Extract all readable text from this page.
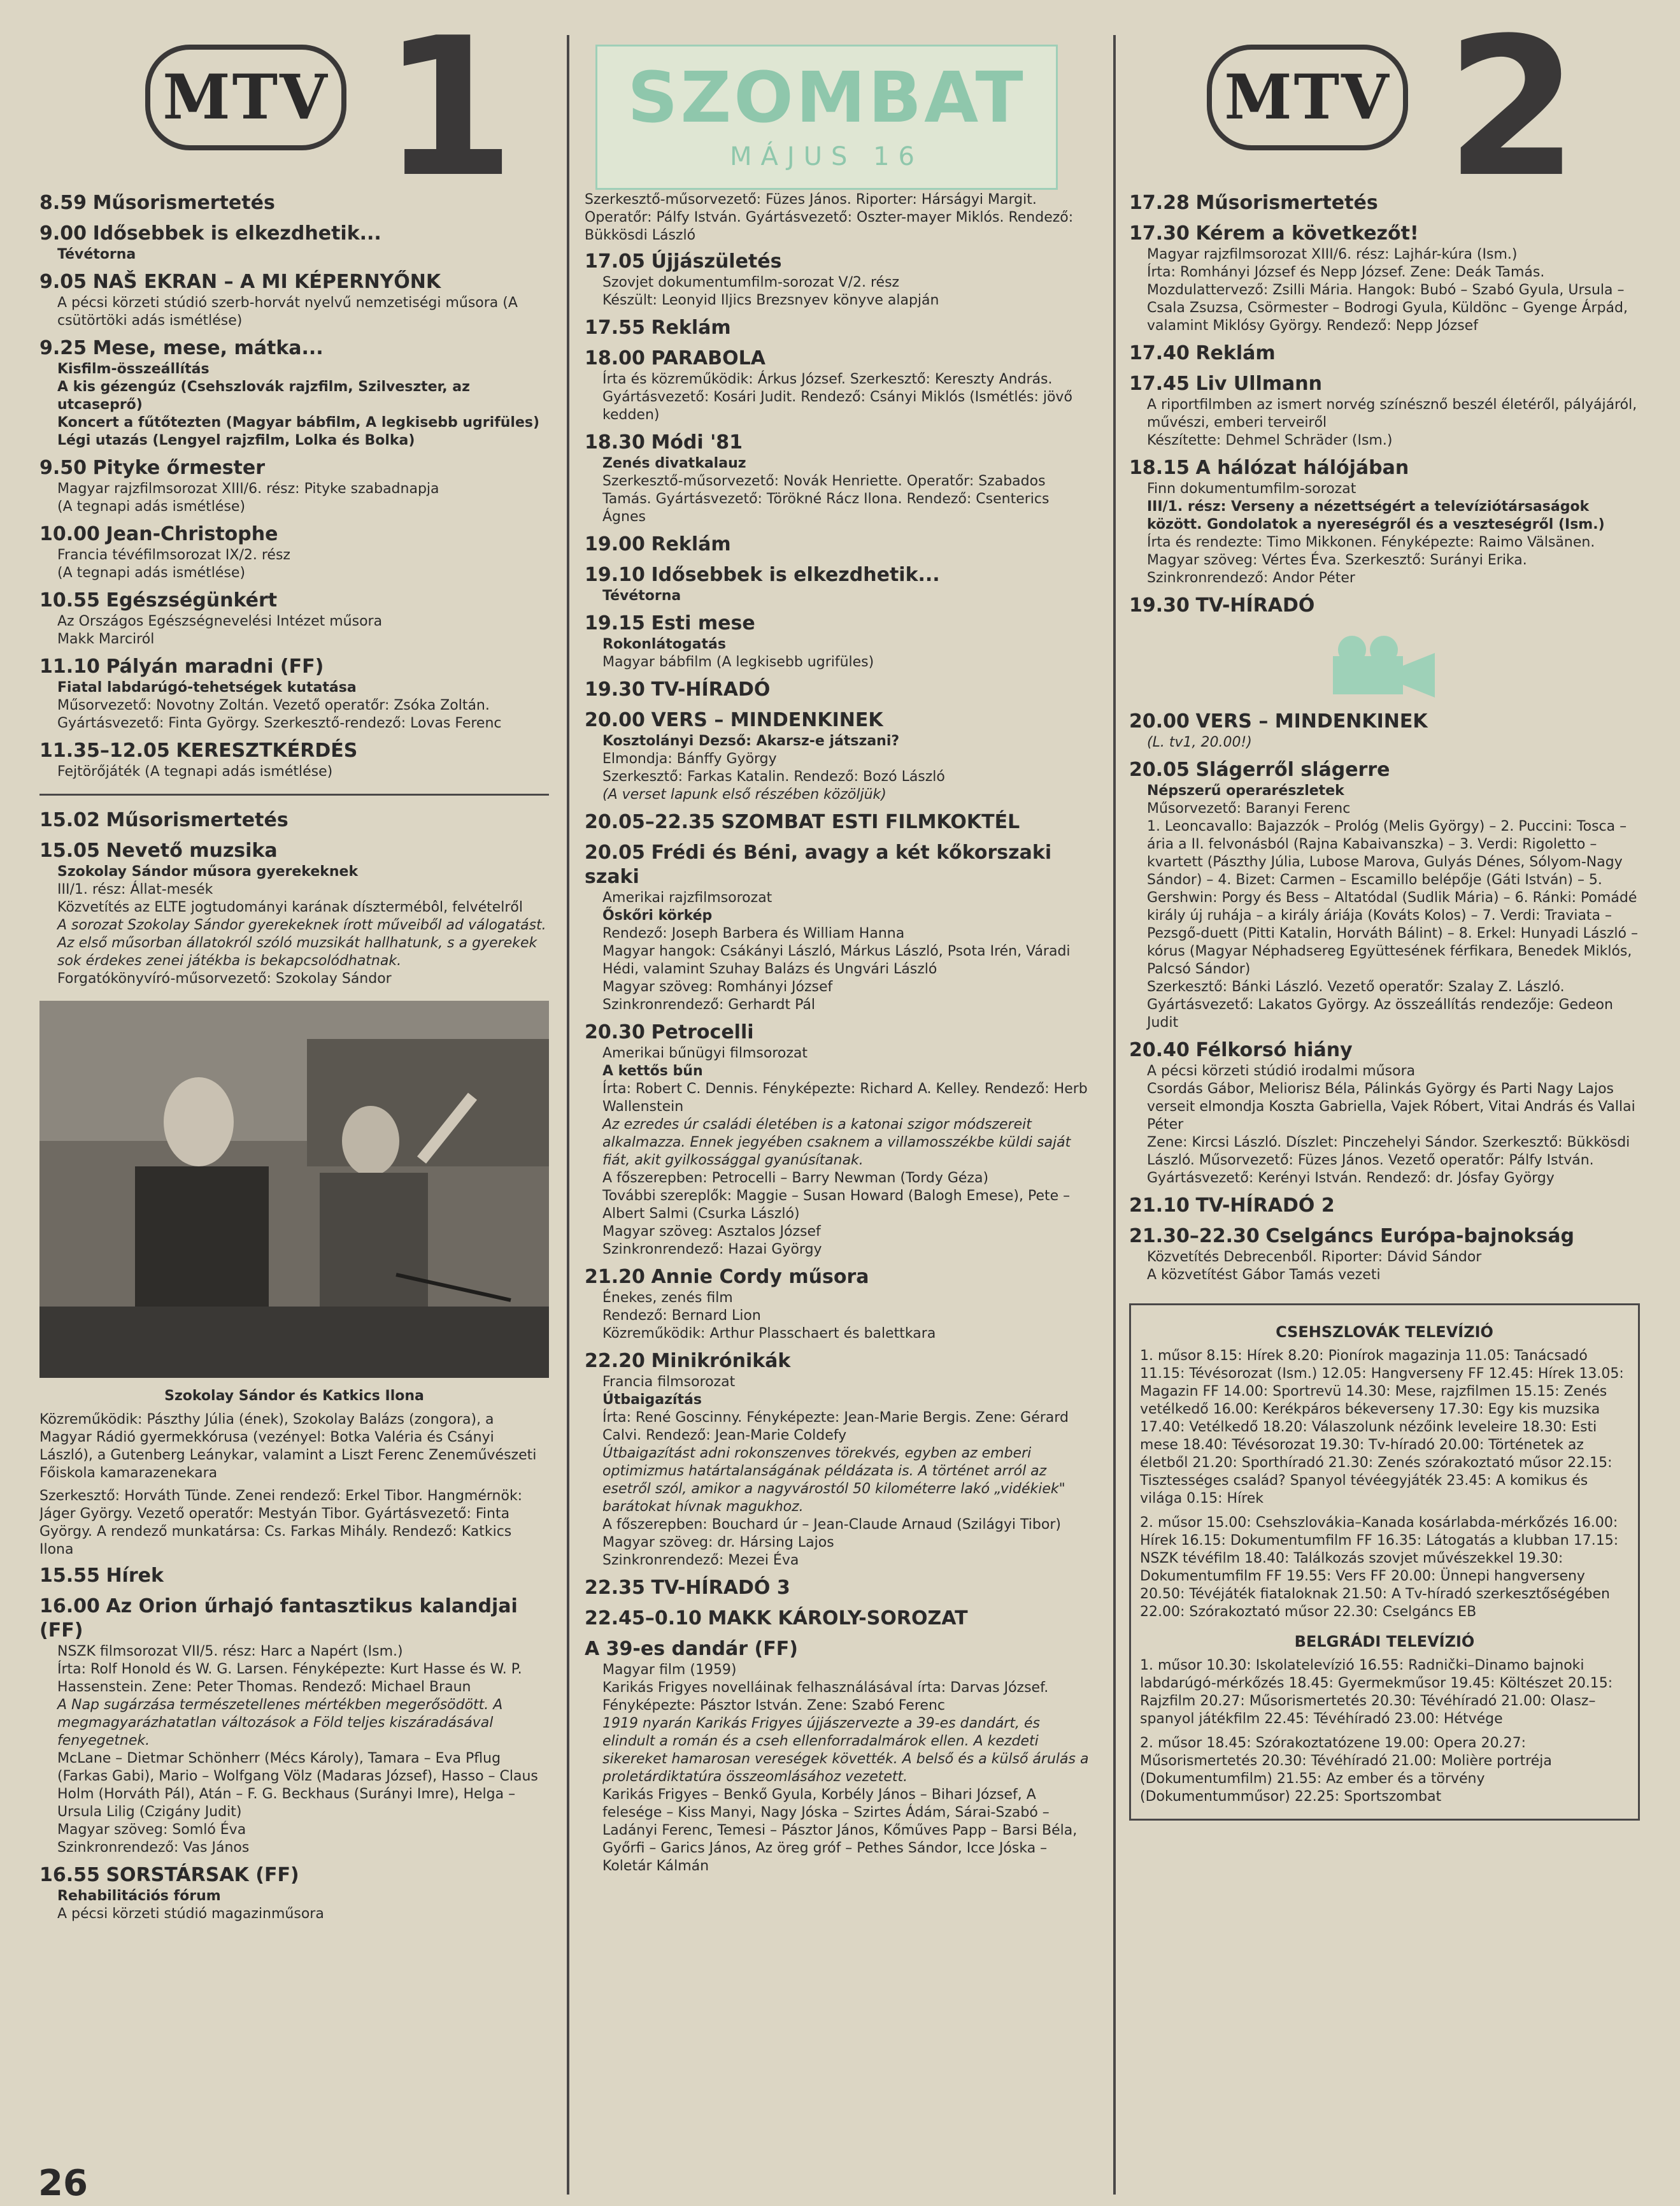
MTV 1	SZOMBAT
MÁJUS 16
MTV 2
8.59 Műsorismertetés
9.00 Idősebbek is elkezdhetik...
Tévétorna
9.05 NAŠ EKRAN – A MI KÉPERNYŐNK
A pécsi körzeti stúdió szerb-horvát nyelvű nemzetiségi műsora (A csütörtöki adás ismétlése)
9.25 Mese, mese, mátka...
Kisfilm-összeállítás
A kis gézengúz (Csehszlovák rajzfilm, Szilveszter, az utcaseprő)
Koncert a fűtőtezten (Magyar bábfilm, A legkisebb ugrifüles)
Légi utazás (Lengyel rajzfilm, Lolka és Bolka)
9.50 Pityke őrmester
Magyar rajzfilmsorozat XIII/6. rész: Pityke szabadnapja
(A tegnapi adás ismétlése)
10.00 Jean-Christophe
Francia tévéfilmsorozat IX/2. rész
(A tegnapi adás ismétlése)
10.55 Egészségünkért
Az Országos Egészségnevelési Intézet műsora
Makk Marciról
11.10 Pályán maradni (FF)
Fiatal labdarúgó-tehetségek kutatása
Műsorvezető: Novotny Zoltán. Vezető operatőr: Zsóka Zoltán. Gyártásvezető: Finta György. Szerkesztő-rendező: Lovas Ferenc
11.35–12.05 KERESZTKÉRDÉS
Fejtörőjáték (A tegnapi adás ismétlése)
15.02 Műsorismertetés
15.05 Nevető muzsika
Szokolay Sándor műsora gyerekeknek
III/1. rész: Állat-mesék
Közvetítés az ELTE jogtudományi karának dísztermébôl, felvételről
A sorozat Szokolay Sándor gyerekeknek írott műveiből ad válogatást. Az első műsorban állatokról szóló muzsikát hallhatunk, s a gyerekek sok érdekes zenei játékba is bekapcsolódhatnak.
Forgatókönyvíró-műsorvezető: Szokolay Sándor
Szokolay Sándor és Katkics Ilona
Közreműködik: Pászthy Júlia (ének), Szokolay Balázs (zongora), a Magyar Rádió gyermekkórusa (vezényel: Botka Valéria és Csányi László), a Gutenberg Leánykar, valamint a Liszt Ferenc Zeneművészeti Főiskola kamarazenekara
Szerkesztő: Horváth Tünde. Zenei rendező: Erkel Tibor. Hangmérnök: Jáger György. Vezető operatőr: Mestyán Tibor. Gyártásvezető: Finta György. A rendező munkatársa: Cs. Farkas Mihály. Rendező: Katkics Ilona
15.55 Hírek
16.00 Az Orion űrhajó fantasztikus kalandjai (FF)
NSZK filmsorozat VII/5. rész: Harc a Napért (Ism.)
Írta: Rolf Honold és W. G. Larsen. Fényképezte: Kurt Hasse és W. P. Hassenstein. Zene: Peter Thomas. Rendező: Michael Braun
A Nap sugárzása természetellenes mértékben megerősödött. A megmagyarázhatatlan változások a Föld teljes kiszáradásával fenyegetnek.
McLane – Dietmar Schönherr (Mécs Károly), Tamara – Eva Pflug (Farkas Gabi), Mario – Wolfgang Völz (Madaras József), Hasso – Claus Holm (Horváth Pál), Atán – F. G. Beckhaus (Surányi Imre), Helga – Ursula Lilig (Czigány Judit)
Magyar szöveg: Somló Éva
Szinkronrendező: Vas János
16.55 SORSTÁRSAK (FF)
Rehabilitációs fórum
A pécsi körzeti stúdió magazinműsora
Szerkesztő-műsorvezető: Füzes János. Riporter: Hárságyi Margit. Operatőr: Pálfy István. Gyártásvezető: Oszter-mayer Miklós. Rendező: Bükkösdi László
17.05 Újjászületés
Szovjet dokumentumfilm-sorozat V/2. rész
Készült: Leonyid Iljics Brezsnyev könyve alapján
17.55 Reklám
18.00 PARABOLA
Írta és közreműködik: Árkus József. Szerkesztő: Kereszty András. Gyártásvezető: Kosári Judit. Rendező: Csányi Miklós (Ismétlés: jövő kedden)
18.30 Módi '81
Zenés divatkalauz
Szerkesztő-műsorvezető: Novák Henriette. Operatőr: Szabados Tamás. Gyártásvezető: Törökné Rácz Ilona. Rendező: Csenterics Ágnes
19.00 Reklám
19.10 Idősebbek is elkezdhetik...
Tévétorna
19.15 Esti mese
Rokonlátogatás
Magyar bábfilm (A legkisebb ugrifüles)
19.30 TV-HÍRADÓ
20.00 VERS – MINDENKINEK
Kosztolányi Dezső: Akarsz-e játszani?
Elmondja: Bánffy György
Szerkesztő: Farkas Katalin. Rendező: Bozó László
(A verset lapunk első részében közöljük)
20.05–22.35 SZOMBAT ESTI FILMKOKTÉL
20.05 Frédi és Béni, avagy a két kőkorszaki szaki
Amerikai rajzfilmsorozat
Őskőri körkép
Rendező: Joseph Barbera és William Hanna
Magyar hangok: Csákányi László, Márkus László, Psota Irén, Váradi Hédi, valamint Szuhay Balázs és Ungvári László
Magyar szöveg: Romhányi József
Szinkronrendező: Gerhardt Pál
20.30 Petrocelli
Amerikai bűnügyi filmsorozat
A kettős bűn
Írta: Robert C. Dennis. Fényképezte: Richard A. Kelley. Rendező: Herb Wallenstein
Az ezredes úr családi életében is a katonai szigor módszereit alkalmazza. Ennek jegyében csaknem a villamosszékbe küldi saját fiát, akit gyilkossággal gyanúsítanak.
A főszerepben: Petrocelli – Barry Newman (Tordy Géza)
További szereplők: Maggie – Susan Howard (Balogh Emese), Pete – Albert Salmi (Csurka László)
Magyar szöveg: Asztalos József
Szinkronrendező: Hazai György
21.20 Annie Cordy műsora
Énekes, zenés film
Rendező: Bernard Lion
Közreműködik: Arthur Plasschaert és balettkara
22.20 Minikrónikák
Francia filmsorozat
Útbaigazítás
Írta: René Goscinny. Fényképezte: Jean-Marie Bergis. Zene: Gérard Calvi. Rendező: Jean-Marie Coldefy
Útbaigazítást adni rokonszenves törekvés, egyben az emberi optimizmus határtalanságának példázata is. A történet arról az esetről szól, amikor a nagyvárostól 50 kilométerre lakó „vidékiek" barátokat hívnak magukhoz.
A főszerepben: Bouchard úr – Jean-Claude Arnaud (Szilágyi Tibor)
Magyar szöveg: dr. Hársing Lajos
Szinkronrendező: Mezei Éva
22.35 TV-HÍRADÓ 3
22.45–0.10 MAKK KÁROLY-SOROZAT
A 39-es dandár (FF)
Magyar film (1959)
Karikás Frigyes novelláinak felhasználásával írta: Darvas József. Fényképezte: Pásztor István. Zene: Szabó Ferenc
1919 nyarán Karikás Frigyes újjászervezte a 39-es dandárt, és elindult a román és a cseh ellenforradalmárok ellen. A kezdeti sikereket hamarosan vereségek követték. A belső és a külső árulás a proletárdiktatúra összeomlásához vezetett.
Karikás Frigyes – Benkő Gyula, Korbély János – Bihari József, A felesége – Kiss Manyi, Nagy Jóska – Szirtes Ádám, Sárai-Szabó – Ladányi Ferenc, Temesi – Pásztor János, Kőműves Papp – Barsi Béla, Győrfi – Garics János, Az öreg gróf – Pethes Sándor, Icce Jóska – Koletár Kálmán
17.28 Műsorismertetés
17.30 Kérem a következőt!
Magyar rajzfilmsorozat XIII/6. rész: Lajhár-kúra (Ism.)
Írta: Romhányi József és Nepp József. Zene: Deák Tamás. Mozdulattervező: Zsilli Mária. Hangok: Bubó – Szabó Gyula, Ursula – Csala Zsuzsa, Csörmester – Bodrogi Gyula, Küldönc – Gyenge Árpád, valamint Miklósy György. Rendező: Nepp József
17.40 Reklám
17.45 Liv Ullmann
A riportfilmben az ismert norvég színésznő beszél életéről, pályájáról, művészi, emberi terveiről
Készítette: Dehmel Schräder (Ism.)
18.15 A hálózat hálójában
Finn dokumentumfilm-sorozat
III/1. rész: Verseny a nézettségért a televíziótársaságok között. Gondolatok a nyereségről és a veszteségről (Ism.)
Írta és rendezte: Timo Mikkonen. Fényképezte: Raimo Välsänen. Magyar szöveg: Vértes Éva. Szerkesztő: Surányi Erika. Szinkronrendező: Andor Péter
19.30 TV-HÍRADÓ
20.00 VERS – MINDENKINEK
(L. tv1, 20.00!)
20.05 Slágerről slágerre
Népszerű operarészletek
Műsorvezető: Baranyi Ferenc
1. Leoncavallo: Bajazzók – Prológ (Melis György) – 2. Puccini: Tosca – ária a II. felvonásból (Rajna Kabaivanszka) – 3. Verdi: Rigoletto – kvartett (Pászthy Júlia, Lubose Marova, Gulyás Dénes, Sólyom-Nagy Sándor) – 4. Bizet: Carmen – Escamillo belépője (Gáti István) – 5. Gershwin: Porgy és Bess – Altatódal (Sudlik Mária) – 6. Ránki: Pomádé király új ruhája – a király áriája (Kováts Kolos) – 7. Verdi: Traviata – Pezsgő-duett (Pitti Katalin, Horváth Bálint) – 8. Erkel: Hunyadi László – kórus (Magyar Néphadsereg Együttesének férfikara, Benedek Miklós, Palcsó Sándor)
Szerkesztő: Bánki László. Vezető operatőr: Szalay Z. László. Gyártásvezető: Lakatos György. Az összeállítás rendezője: Gedeon Judit
20.40 Félkorsó hiány
A pécsi körzeti stúdió irodalmi műsora
Csordás Gábor, Meliorisz Béla, Pálinkás György és Parti Nagy Lajos verseit elmondja Koszta Gabriella, Vajek Róbert, Vitai András és Vallai Péter
Zene: Kircsi László. Díszlet: Pinczehelyi Sándor. Szerkesztő: Bükkösdi László. Műsorvezető: Füzes János. Vezető operatőr: Pálfy István. Gyártásvezető: Kerényi István. Rendező: dr. Jósfay György
21.10 TV-HÍRADÓ 2
21.30–22.30 Cselgáncs Európa-bajnokság
Közvetítés Debrecenből. Riporter: Dávid Sándor
A közvetítést Gábor Tamás vezeti
CSEHSZLOVÁK TELEVÍZIÓ
1. műsor 8.15: Hírek 8.20: Pionírok magazinja 11.05: Tanácsadó 11.15: Tévésorozat (Ism.) 12.05: Hangverseny FF 12.45: Hírek 13.05: Magazin FF 14.00: Sportrevü 14.30: Mese, rajzfilmen 15.15: Zenés vetélkedő 16.00: Kerékpáros békeverseny 17.30: Egy kis muzsika 17.40: Vetélkedő 18.20: Válaszolunk nézőink leveleire 18.30: Esti mese 18.40: Tévésorozat 19.30: Tv-híradó 20.00: Történetek az életből 21.20: Sporthíradó 21.30: Zenés szórakoztató műsor 22.15: Tisztességes család? Spanyol tévéegyjáték 23.45: A komikus és világa 0.15: Hírek
2. műsor 15.00: Csehszlovákia–Kanada kosárlabda-mérkőzés 16.00: Hírek 16.15: Dokumentumfilm FF 16.35: Látogatás a klubban 17.15: NSZK tévéfilm 18.40: Találkozás szovjet művészekkel 19.30: Dokumentumfilm FF 19.55: Vers FF 20.00: Ünnepi hangverseny 20.50: Tévéjáték fiataloknak 21.50: A Tv-híradó szerkesztőségében 22.00: Szórakoztató műsor 22.30: Cselgáncs EB
BELGRÁDI TELEVÍZIÓ
1. műsor 10.30: Iskolatelevízió 16.55: Radnički–Dinamo bajnoki labdarúgó-mérkőzés 18.45: Gyermekműsor 19.45: Költészet 20.15: Rajzfilm 20.27: Műsorismertetés 20.30: Tévéhíradó 21.00: Olasz–spanyol játékfilm 22.45: Tévéhíradó 23.00: Hétvége
2. műsor 18.45: Szórakoztatózene 19.00: Opera 20.27: Műsorismertetés 20.30: Tévéhíradó 21.00: Molière portréja (Dokumentumfilm) 21.55: Az ember és a törvény (Dokumentumműsor) 22.25: Sportszombat
26
